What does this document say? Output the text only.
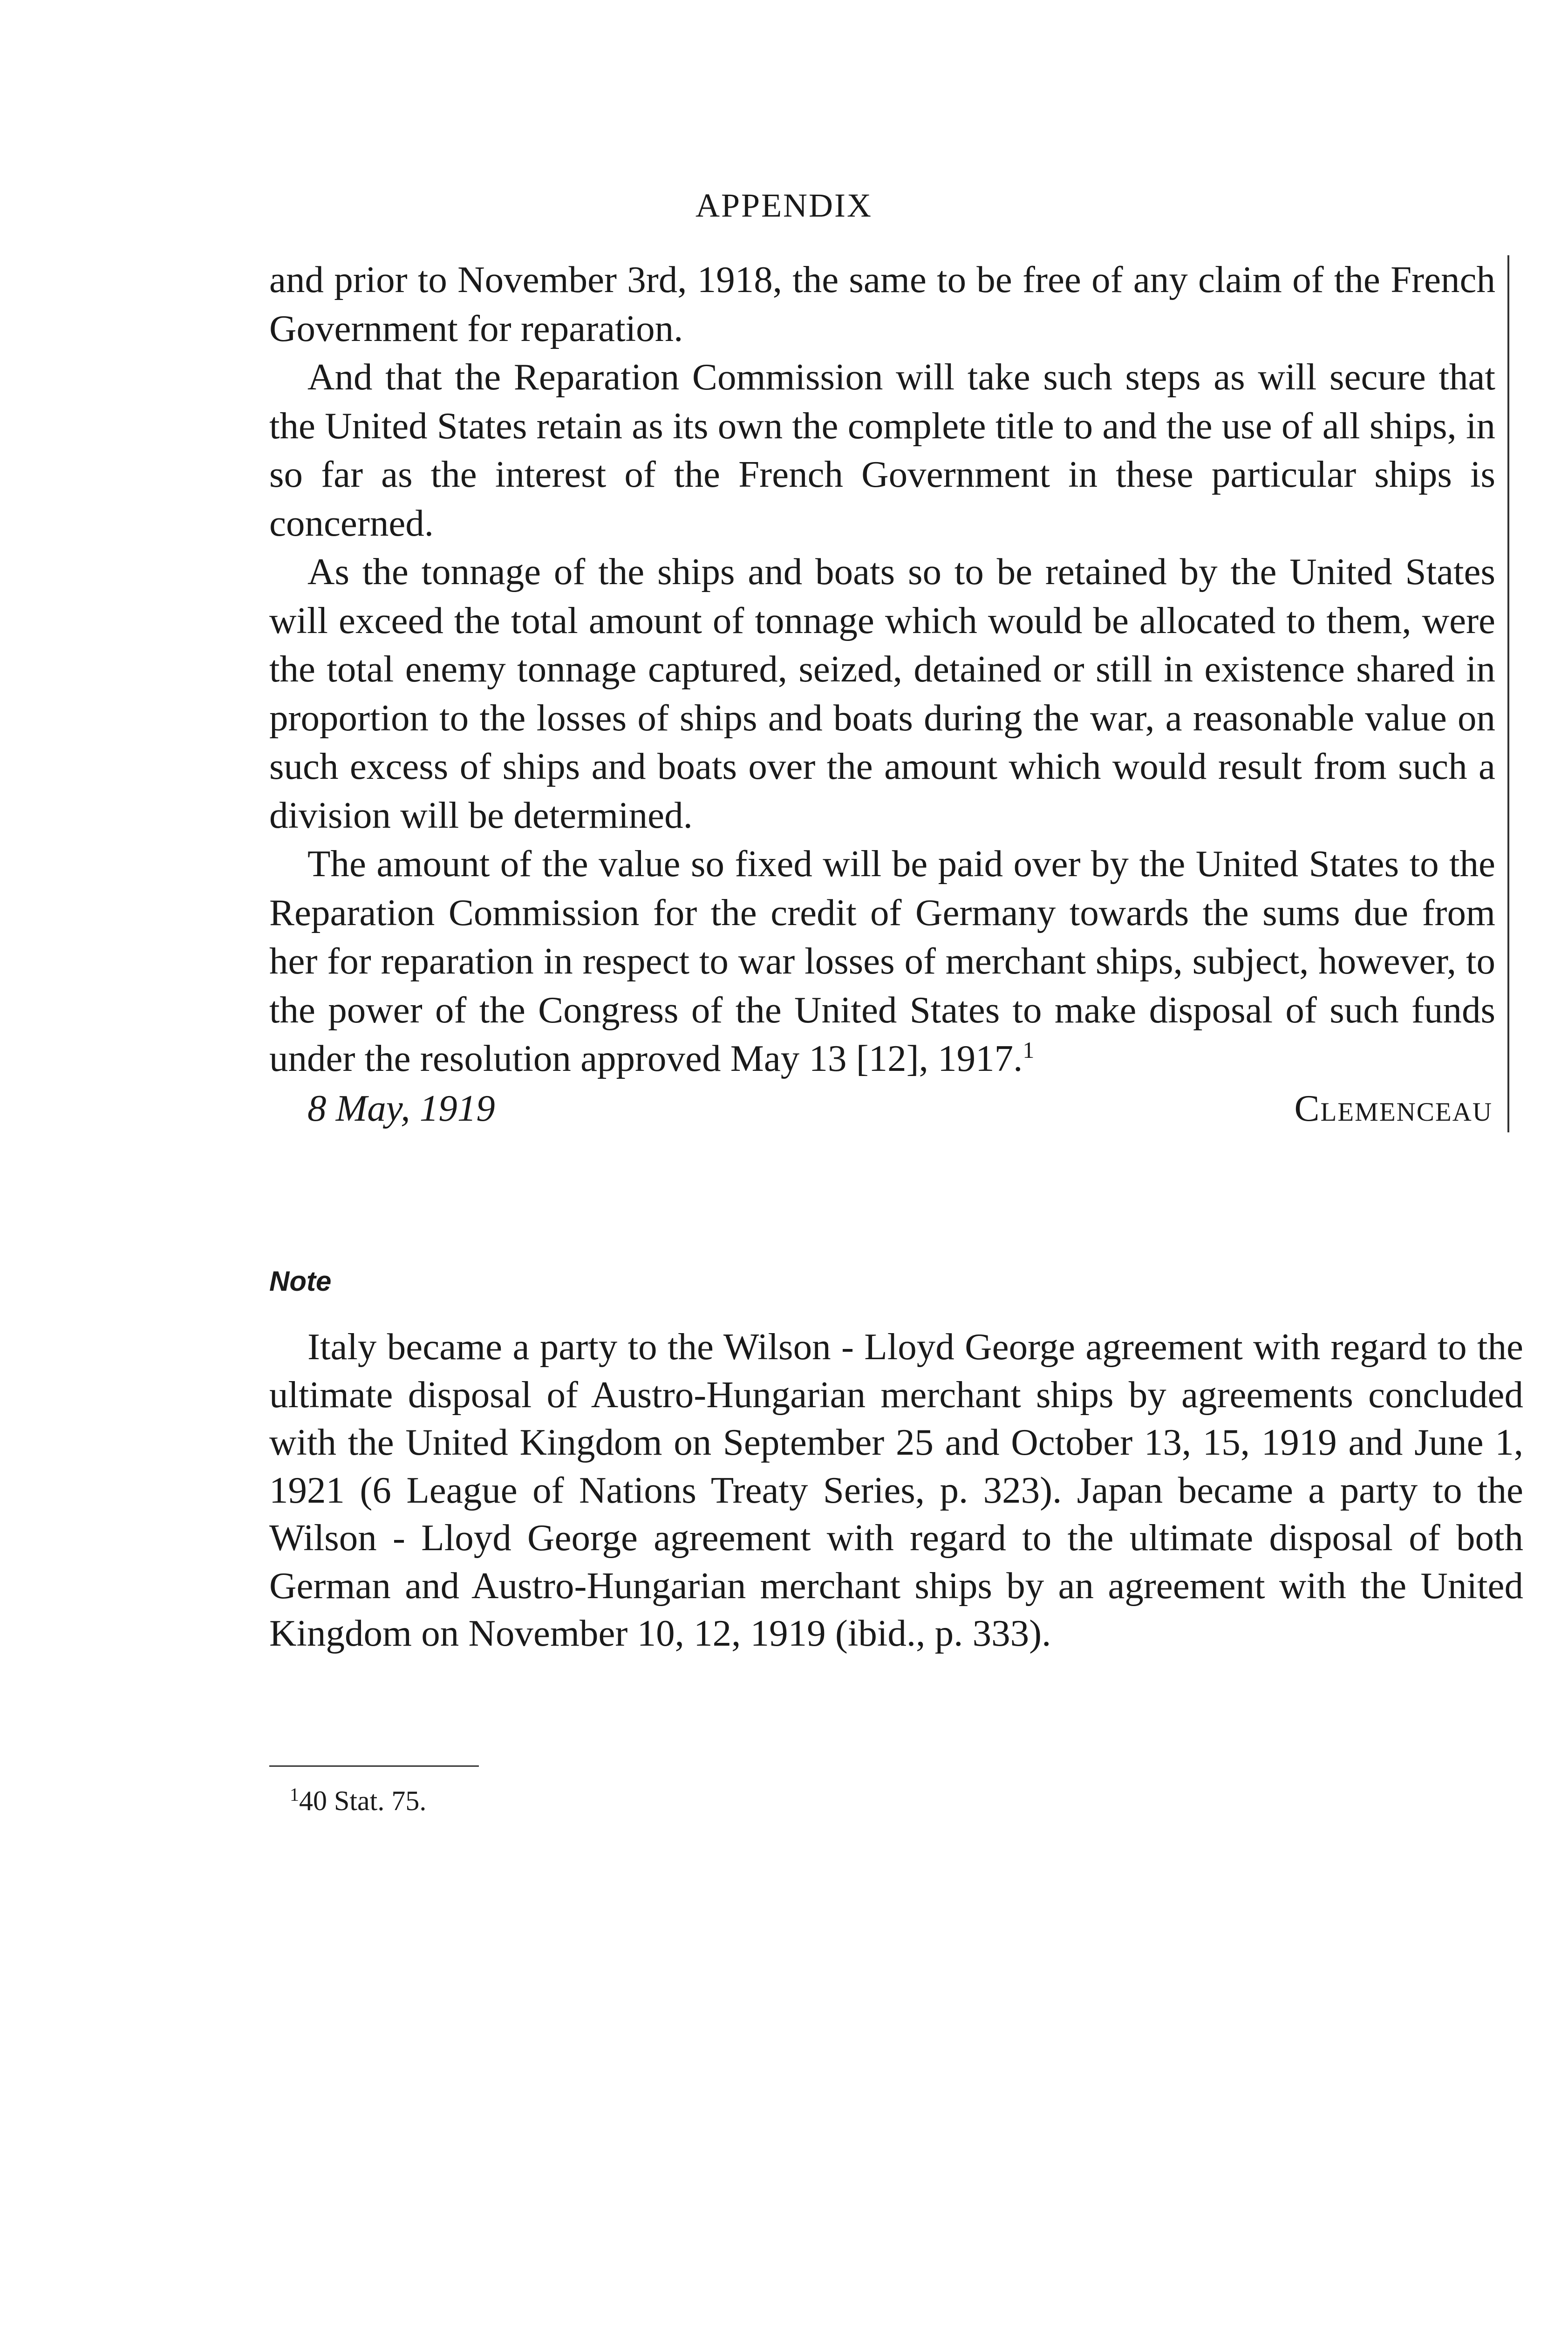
APPENDIX

and prior to November 3rd, 1918, the same to be free of any claim of the French Government for reparation.

And that the Reparation Commission will take such steps as will secure that the United States retain as its own the complete title to and the use of all ships, in so far as the interest of the French Government in these particular ships is concerned.

As the tonnage of the ships and boats so to be retained by the United States will exceed the total amount of tonnage which would be allocated to them, were the total enemy tonnage captured, seized, detained or still in existence shared in proportion to the losses of ships and boats during the war, a reasonable value on such excess of ships and boats over the amount which would result from such a division will be determined.

The amount of the value so fixed will be paid over by the United States to the Reparation Commission for the credit of Germany towards the sums due from her for reparation in respect to war losses of merchant ships, subject, however, to the power of the Congress of the United States to make disposal of such funds under the resolution approved May 13 [12], 1917.$^1$

8 May, 1919	Clemenceau
Note

Italy became a party to the Wilson - Lloyd George agreement with regard to the ultimate disposal of Austro-Hungarian merchant ships by agreements concluded with the United Kingdom on September 25 and October 13, 15, 1919 and June 1, 1921 (6 League of Nations Treaty Series, p. 323). Japan became a party to the Wilson - Lloyd George agreement with regard to the ultimate disposal of both German and Austro-Hungarian merchant ships by an agreement with the United Kingdom on November 10, 12, 1919 (ibid., p. 333).

$^1$40 Stat. 75.
